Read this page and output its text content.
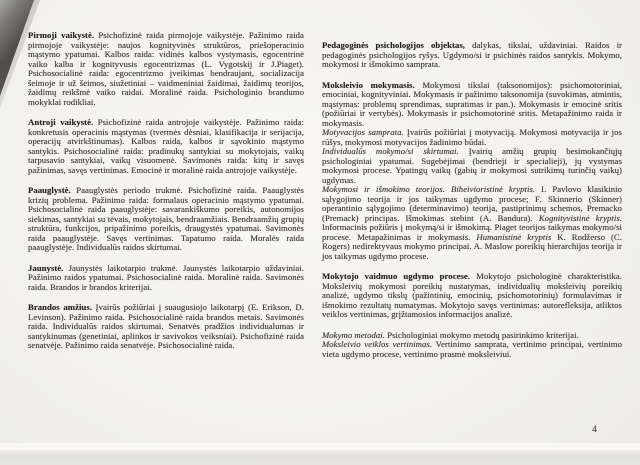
Pirmoji vaikystė. Psichofizinė raida pirmojoje vaikystėje. Pažinimo raida pirmojoje vaikystėje: naujos kognityvinės struktūros, priešoperacinio mąstymo ypatumai. Kalbos raida: vidinės kalbos vystymasis, egocentrinė vaiko kalba ir kognityvusis egocentrizmas (L. Vygotskij ir J.Piaget). Psichosocialinė raida: egocentrizmo įveikimas bendraujant, socializacija šeimoje ir už šeimos, siužetiniai – vaidmeniniai žaidimai, žaidimų teorijos, žaidimų reikšmė vaiko raidai. Moralinė raida. Psichologinio brandumo mokyklai rodikliai.

Antroji vaikystė. Psichofizinė raida antrojoje vaikystėje. Pažinimo raida: konkretusis operacinis mąstymas (tvermės dėsniai, klasifikacija ir serijacija, operacijų atvirkštinumas). Kalbos raida, kalbos ir sąvokinio mąstymo santykis. Psichosocialinė raida: pradinukų santykiai su mokytojais, vaikų tarpusavio santykiai, vaikų visuomenė. Savimonės raida: kitų ir savęs pažinimas, savęs vertinimas. Emocinė ir moralinė raida antrojoje vaikystėje.

Paauglystė. Paauglystės periodo trukmė. Psichofizinė raida. Paauglystės krizių problema. Pažinimo raida: formalaus operacinio mąstymo ypatumai. Psichosocialinė raida paauglystėje: savarankiškumo poreikis, autonomijos siekimas, santykiai su tėvais, mokytojais, bendraamžiais. Bendraamžių grupių struktūra, funkcijos, pripažinimo poreikis, draugystės ypatumai. Savimonės raida paauglystėje. Savęs vertinimas. Tapatumo raida. Moralės raida paauglystėje. Individualūs raidos skirtumai.

Jaunystė. Jaunystės laikotarpio trukmė. Jaunystės laikotarpio uždaviniai. Pažinimo raidos ypatumai. Psichosocialinė raida. Moralinė raida. Savimonės raida. Brandos ir brandos kriterijai.

Brandos amžius. Įvairūs požiūriai į suaugusiojo laikotarpį (E. Erikson, D. Levinson). Pažinimo raida. Psichosocialinė raida brandos metais. Savimonės raida. Individualūs raidos skirtumai. Senatvės pradžios individualumas ir santykinumas (genetiniai, aplinkos ir savivokos veiksniai). Psichofizinė raida senatvėje. Pažinimo raida senatvėje. Psichosocialinė raida.

Pedagoginės psichologijos objektas, dalykas, tikslai, uždaviniai. Raidos ir pedagoginės psichologijos ryšys. Ugdymo/si ir psichinės raidos santykis. Mokymo, mokymosi ir išmokimo samprata.

Moksleivio mokymasis. Mokymosi tikslai (taksonomijos): psichomotoriniai, emociniai, kognityviniai. Mokymasis ir pažinimo taksonomija (suvokimas, atmintis, mąstymas: problemų sprendimas, supratimas ir pan.). Mokymasis ir emocinė sritis (požiūriai ir vertybės). Mokymasis ir psichomotorinė sritis. Metapažinimo raida ir mokymasis.

Motyvacijos samprata. Įvairūs požiūriai į motyvaciją. Mokymosi motyvacija ir jos rūšys, mokymosi motyvacijos žadinimo būdai.

Individualūs mokymo/si skirtumai. Įvairių amžių grupių besimokančiųjų psichologiniai ypatumai. Sugebėjimai (bendrieji ir specialieji), jų vystymas mokymosi procese. Ypatingų vaikų (gabių ir mokymosi sutrikimų turinčių vaikų) ugdymas.

Mokymosi ir išmokimo teorijos. Biheivioristinė kryptis. I. Pavlovo klasikinio sąlygojimo teorija ir jos taikymas ugdymo procese; F. Skinnerio (Skinner) operantinio sąlygojimo (determinavimo) teorija, pastiprinimų schemos, Premacko (Premack) principas. Išmokimas stebint (A. Bandura). Kognityvistinė kryptis. Informacinis požiūris į mokymą/si ir išmokimą. Piaget teorijos taikymas mokymo/si procese. Metapažinimas ir mokymasis. Humanistinė kryptis K. Rodžerso (C. Rogers) nedirektyvaus mokymo principai. A. Maslow poreikių hierarchijos teorija ir jos taikymas ugdymo procese.

Mokytojo vaidmuo ugdymo procese. Mokytojo psichologinė charakteristika. Moksleivių mokymosi poreikių nustatymas, individualių moksleivių poreikių analizė, ugdymo tikslų (pažintinių, emocinių, psichomotorinių) formulavimas ir išmokimo rezultatų numatymas. Mokytojo savęs vertinimas: autorefleksija, atliktos veiklos vertinimas, grįžtamosios informacijos analizė.

Mokymo metodai. Psichologiniai mokymo metodų pasirinkimo kriterijai.

Moksleivio veiklos vertinimas. Vertinimo samprata, vertinimo principai, vertinimo vieta ugdymo procese, vertinimo prasmė moksleiviui.

4
